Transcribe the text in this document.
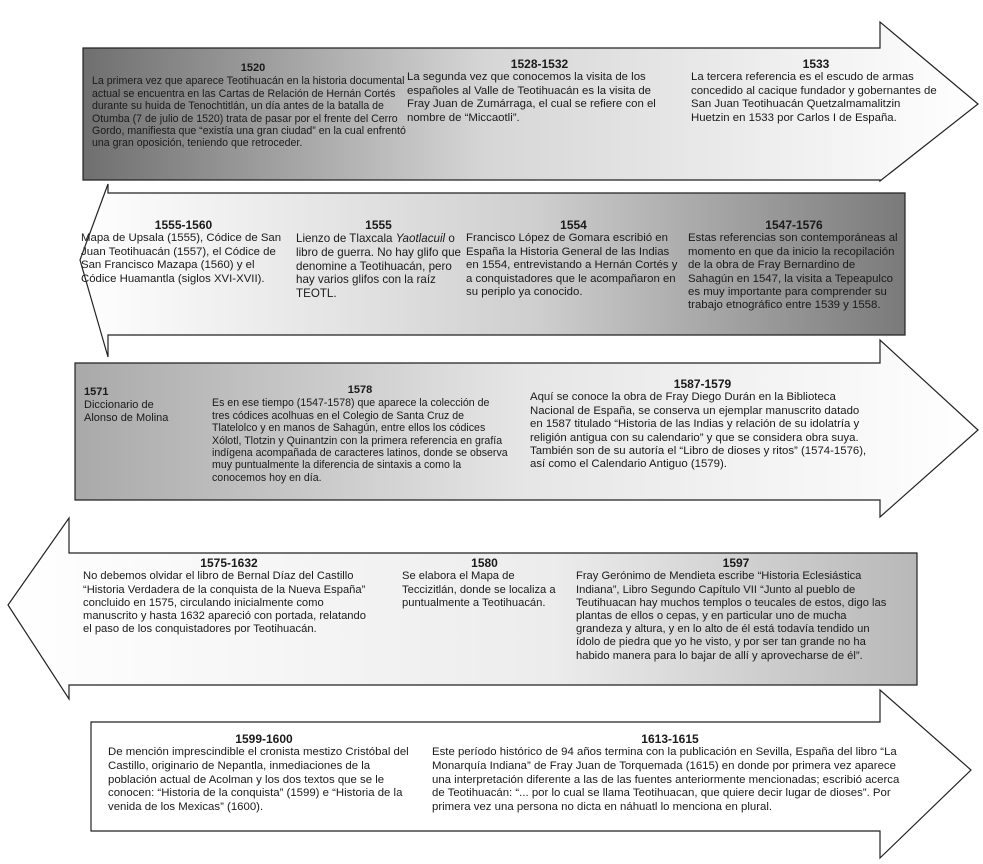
1520
La primera vez que aparece Teotihuacán en la historia documental actual se encuentra en las Cartas de Relación de Hernán Cortés durante su huida de Tenochtitlán, un día antes de la batalla de Otumba (7 de julio de 1520) trata de pasar por el frente del Cerro Gordo, manifiesta que “existía una gran ciudad” en la cual enfrentó una gran oposición, teniendo que retroceder.
1528-1532
La segunda vez que conocemos la visita de los españoles al Valle de Teotihuacán es la visita de Fray Juan de Zumárraga, el cual se refiere con el nombre de “Miccaotli”.
1533
La tercera referencia es el escudo de armas concedido al cacique fundador y gobernantes de San Juan Teotihuacán Quetzalmamalitzin Huetzin en 1533 por Carlos I de España.
1555-1560
Mapa de Upsala (1555), Códice de San Juan Teotihuacán (1557), el Códice de San Francisco Mazapa (1560) y el Códice Huamantla (siglos XVI-XVII).
1555
Lienzo de Tlaxcala Yaotlacuil o libro de guerra. No hay glifo que denomine a Teotihuacán, pero hay varios glifos con la raíz TEOTL.
1554
Francisco López de Gomara escribió en España la Historia General de las Indias en 1554, entrevistando a Hernán Cortés y a conquistadores que le acompañaron en su periplo ya conocido.
1547-1576
Estas referencias son contemporáneas al momento en que da inicio la recopilación de la obra de Fray Bernardino de Sahagún en 1547, la visita a Tepeapulco es muy importante para comprender su trabajo etnográfico entre 1539 y 1558.
1571
Diccionario de Alonso de Molina
1578
Es en ese tiempo (1547-1578) que aparece la colección de tres códices acolhuas en el Colegio de Santa Cruz de Tlatelolco y en manos de Sahagún, entre ellos los códices Xólotl, Tlotzin y Quinantzin con la primera referencia en grafía indígena acompañada de caracteres latinos, donde se observa muy puntualmente la diferencia de sintaxis a como la conocemos hoy en día.
1587-1579
Aquí se conoce la obra de Fray Diego Durán en la Biblioteca Nacional de España, se conserva un ejemplar manuscrito datado en 1587 titulado “Historia de las Indias y relación de su idolatría y religión antigua con su calendario” y que se considera obra suya. También son de su autoría el “Libro de dioses y ritos” (1574-1576), así como el Calendario Antiguo (1579).
1575-1632
No debemos olvidar el libro de Bernal Díaz del Castillo “Historia Verdadera de la conquista de la Nueva España” concluido en 1575, circulando inicialmente como manuscrito y hasta 1632 apareció con portada, relatando el paso de los conquistadores por Teotihuacán.
1580
Se elabora el Mapa de Teccizitlán, donde se localiza a puntualmente a Teotihuacán.
1597
Fray Gerónimo de Mendieta escribe “Historia Eclesiástica Indiana”, Libro Segundo Capítulo VII “Junto al pueblo de Teutihuacan hay muchos templos o teucales de estos, digo las plantas de ellos o cepas, y en particular uno de mucha grandeza y altura, y en lo alto de él está todavía tendido un ídolo de piedra que yo he visto, y por ser tan grande no ha habido manera para lo bajar de allí y aprovecharse de él”.
1599-1600
De mención imprescindible el cronista mestizo Cristóbal del Castillo, originario de Nepantla, inmediaciones de la población actual de Acolman y los dos textos que se le conocen: “Historia de la conquista” (1599) e “Historia de la venida de los Mexicas” (1600).
1613-1615
Este período histórico de 94 años termina con la publicación en Sevilla, España del libro “La Monarquía Indiana” de Fray Juan de Torquemada (1615) en donde por primera vez aparece una interpretación diferente a las de las fuentes anteriormente mencionadas; escribió acerca de Teotihuacán: “... por lo cual se llama Teotihuacan, que quiere decir lugar de dioses”. Por primera vez una persona no dicta en náhuatl lo menciona en plural.
